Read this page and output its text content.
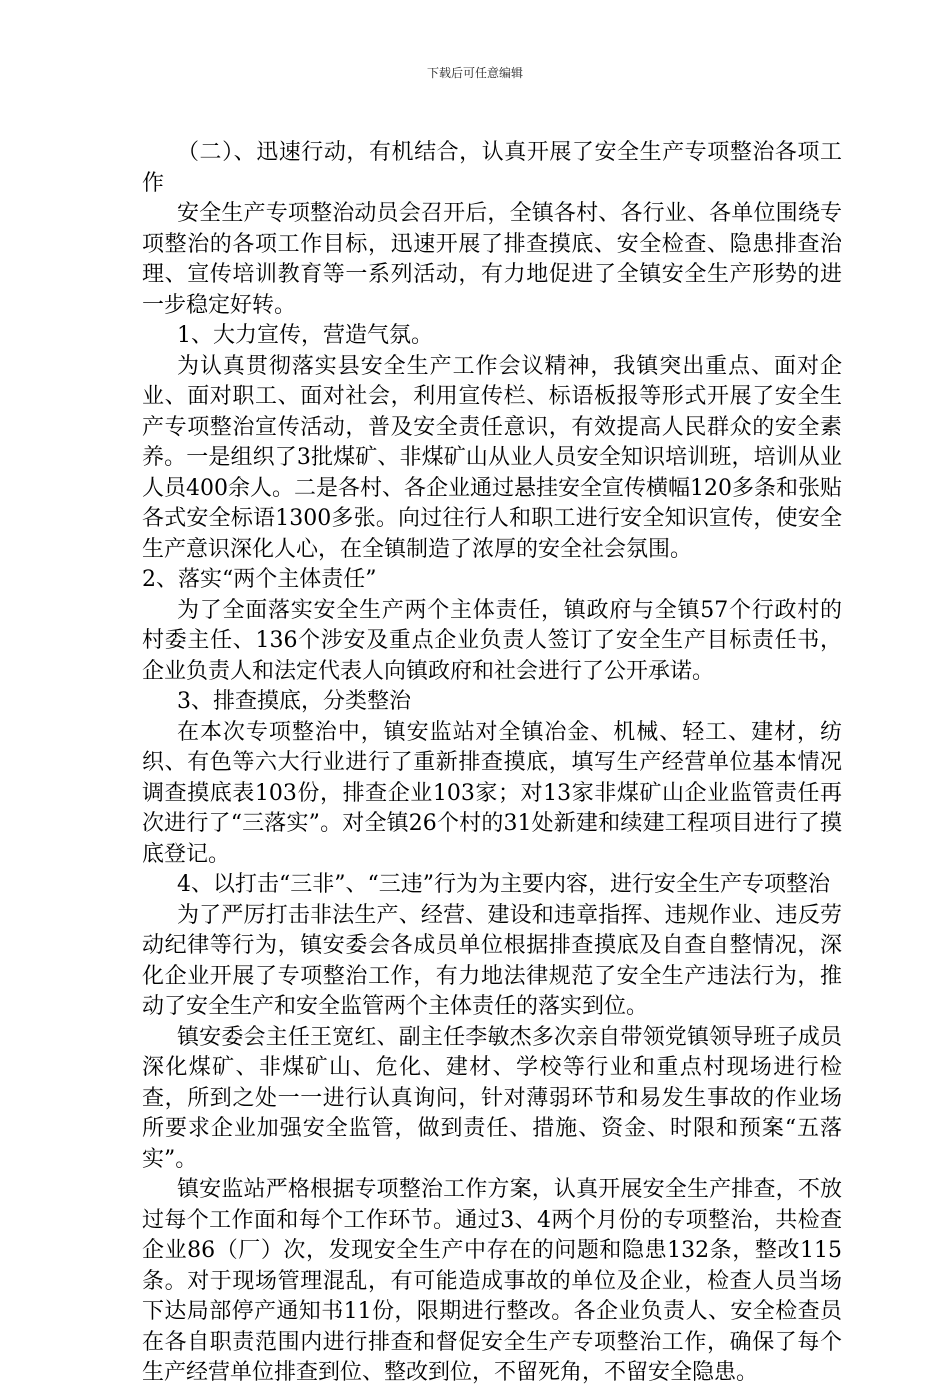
下载后可任意编辑

（二）、迅速行动，有机结合，认真开展了安全生产专项整治各项工作

安全生产专项整治动员会召开后，全镇各村、各行业、各单位围绕专项整治的各项工作目标，迅速开展了排查摸底、安全检查、隐患排查治理、宣传培训教育等一系列活动，有力地促进了全镇安全生产形势的进一步稳定好转。

1、大力宣传，营造气氛。

为认真贯彻落实县安全生产工作会议精神，我镇突出重点、面对企业、面对职工、面对社会，利用宣传栏、标语板报等形式开展了安全生产专项整治宣传活动，普及安全责任意识，有效提高人民群众的安全素养。一是组织了3批煤矿、非煤矿山从业人员安全知识培训班，培训从业人员400余人。二是各村、各企业通过悬挂安全宣传横幅120多条和张贴各式安全标语1300多张。向过往行人和职工进行安全知识宣传，使安全生产意识深化人心，在全镇制造了浓厚的安全社会氛围。

2、落实“两个主体责任”

为了全面落实安全生产两个主体责任，镇政府与全镇57个行政村的村委主任、136个涉安及重点企业负责人签订了安全生产目标责任书，企业负责人和法定代表人向镇政府和社会进行了公开承诺。

3、排查摸底，分类整治

在本次专项整治中，镇安监站对全镇冶金、机械、轻工、建材，纺织、有色等六大行业进行了重新排查摸底，填写生产经营单位基本情况调查摸底表103份，排查企业103家；对13家非煤矿山企业监管责任再次进行了“三落实”。对全镇26个村的31处新建和续建工程项目进行了摸底登记。

4、以打击“三非”、“三违”行为为主要内容，进行安全生产专项整治

为了严厉打击非法生产、经营、建设和违章指挥、违规作业、违反劳动纪律等行为，镇安委会各成员单位根据排查摸底及自查自整情况，深化企业开展了专项整治工作，有力地法律规范了安全生产违法行为，推动了安全生产和安全监管两个主体责任的落实到位。

镇安委会主任王宽红、副主任李敏杰多次亲自带领党镇领导班子成员深化煤矿、非煤矿山、危化、建材、学校等行业和重点村现场进行检查，所到之处一一进行认真询问，针对薄弱环节和易发生事故的作业场所要求企业加强安全监管，做到责任、措施、资金、时限和预案“五落实”。

镇安监站严格根据专项整治工作方案，认真开展安全生产排查，不放过每个工作面和每个工作环节。通过3、4两个月份的专项整治，共检查企业86（厂）次，发现安全生产中存在的问题和隐患132条，整改115条。对于现场管理混乱，有可能造成事故的单位及企业，检查人员当场下达局部停产通知书11份，限期进行整改。各企业负责人、安全检查员在各自职责范围内进行排查和督促安全生产专项整治工作，确保了每个生产经营单位排查到位、整改到位，不留死角，不留安全隐患。
